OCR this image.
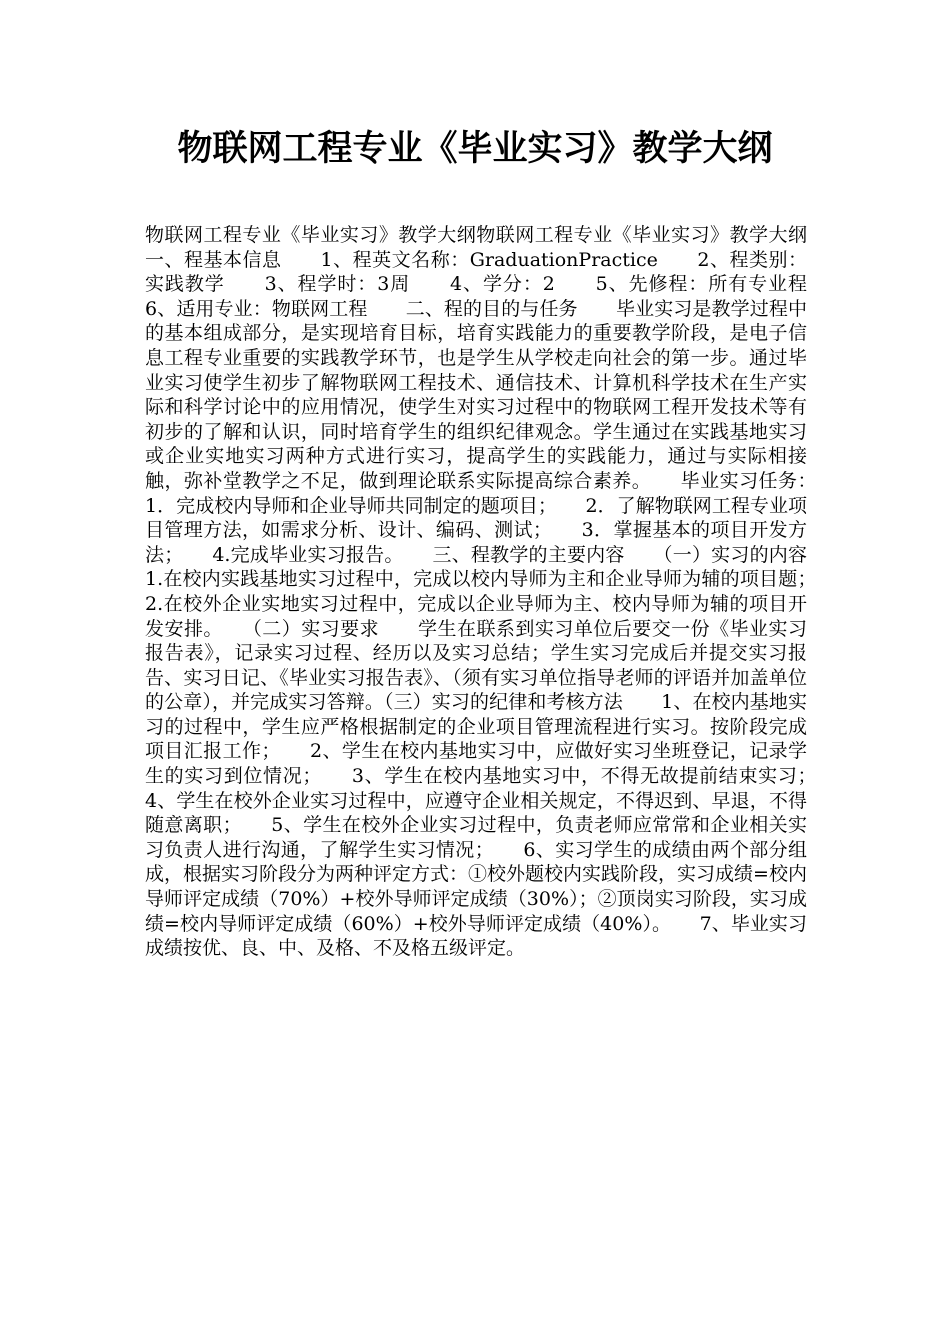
物联网工程专业《毕业实习》教学大纲

物联网工程专业《毕业实习》教学大纲物联网工程专业《毕业实习》教学大纲　　一、程基本信息　　1、程英文名称：GraduationPractice　　2、程类别：实践教学　　3、程学时：3周　　4、学分：2　　5、先修程：所有专业程　　6、适用专业：物联网工程　　二、程的目的与任务　　毕业实习是教学过程中的基本组成部分，是实现培育目标，培育实践能力的重要教学阶段，是电子信息工程专业重要的实践教学环节，也是学生从学校走向社会的第一步。通过毕业实习使学生初步了解物联网工程技术、通信技术、计算机科学技术在生产实际和科学讨论中的应用情况，使学生对实习过程中的物联网工程开发技术等有初步的了解和认识，同时培育学生的组织纪律观念。学生通过在实践基地实习或企业实地实习两种方式进行实习，提高学生的实践能力，通过与实际相接触，弥补堂教学之不足，做到理论联系实际提高综合素养。　　毕业实习任务：　　1．完成校内导师和企业导师共同制定的题项目；　　2．了解物联网工程专业项目管理方法，如需求分析、设计、编码、测试；　　3．掌握基本的项目开发方法；　　4.完成毕业实习报告。　　三、程教学的主要内容　　（一）实习的内容　　1.在校内实践基地实习过程中，完成以校内导师为主和企业导师为辅的项目题；　　2.在校外企业实地实习过程中，完成以企业导师为主、校内导师为辅的项目开发安排。　　（二）实习要求　　学生在联系到实习单位后要交一份《毕业实习报告表》，记录实习过程、经历以及实习总结；学生实习完成后并提交实习报告、实习日记、《毕业实习报告表》、（须有实习单位指导老师的评语并加盖单位的公章），并完成实习答辩。（三）实习的纪律和考核方法　　1、在校内基地实习的过程中，学生应严格根据制定的企业项目管理流程进行实习。按阶段完成项目汇报工作；　　2、学生在校内基地实习中，应做好实习坐班登记，记录学生的实习到位情况；　　3、学生在校内基地实习中，不得无故提前结束实习；　　4、学生在校外企业实习过程中，应遵守企业相关规定，不得迟到、早退，不得随意离职；　　5、学生在校外企业实习过程中，负责老师应常常和企业相关实习负责人进行沟通，了解学生实习情况；　　6、实习学生的成绩由两个部分组成，根据实习阶段分为两种评定方式：①校外题校内实践阶段，实习成绩=校内导师评定成绩（70%）+校外导师评定成绩（30%）；②顶岗实习阶段，实习成绩=校内导师评定成绩（60%）+校外导师评定成绩（40%）。　　7、毕业实习成绩按优、良、中、及格、不及格五级评定。
